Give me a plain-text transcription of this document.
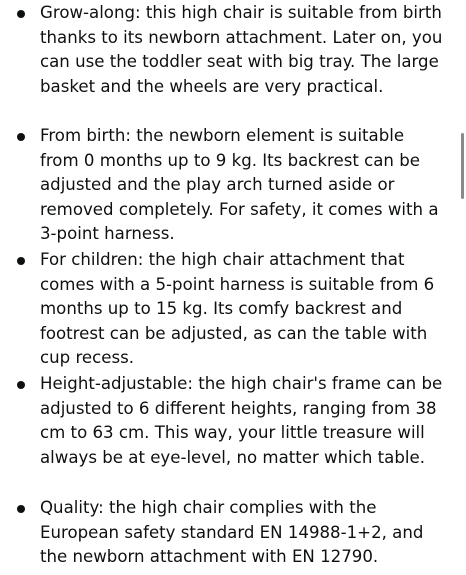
Grow-along: this high chair is suitable from birth thanks to its newborn attachment. Later on, you can use the toddler seat with big tray. The large basket and the wheels are very practical.
From birth: the newborn element is suitable from 0 months up to 9 kg. Its backrest can be adjusted and the play arch turned aside or removed completely. For safety, it comes with a 3-point harness.
For children: the high chair attachment that comes with a 5-point harness is suitable from 6 months up to 15 kg. Its comfy backrest and footrest can be adjusted, as can the table with cup recess.
Height-adjustable: the high chair's frame can be adjusted to 6 different heights, ranging from 38 cm to 63 cm. This way, your little treasure will always be at eye-level, no matter which table.
Quality: the high chair complies with the European safety standard EN 14988-1+2, and the newborn attachment with EN 12790.
